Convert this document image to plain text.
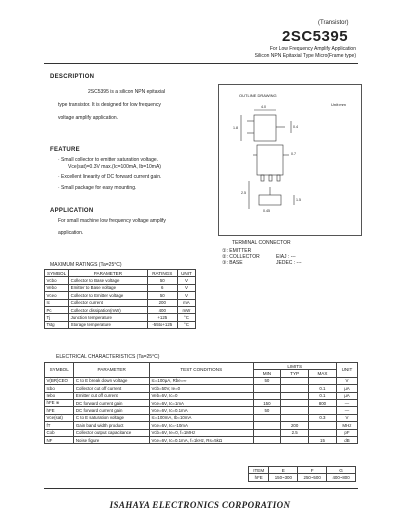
(Transistor)
2SC5395
For Low Frequency Amplify Application
Silicon NPN Epitaxial Type Micro(Frame type)
DESCRIPTION
2SC5395 is a silicon NPN epitaxial
type transistor. It is designed for low frequency
voltage amplify application.
FEATURE
· Small collector to emitter saturation voltage.
Vce(sat)=0.3V max.(Ic=100mA, Ib=10mA)
· Excellent linearity of DC forward current gain.
· Small package for easy mounting.
APPLICATION
For small machine low frequency voltage amplify
application.
OUTLINE DRAWING
Unit:mm
4.0
1.8	0.4
2.5
1.5
0.45
0.7
TERMINAL CONNECTOR
①: EMITTER
②: COLLECTOR
③: BASE
EIAJ : ---
JEDEC : ---
MAXIMUM RATINGS (Ta=25°C)
SYMBOL	PARAMETER	RATINGS	UNIT
Vcbo	Collector to Base voltage	50	V
Vebo	Emitter to Base voltage	6	V
Vceo	Collector to Emitter voltage	50	V
Ic	Collector current	200	mA
Pc	Collector dissipation(mW)	400	mW
Tj	Junction temperature	+125	°C
Tstg	Storage temperature	-55to+125	°C
ELECTRICAL CHARACTERISTICS (Ta=25°C)
SYMBOL	PARAMETER	TEST CONDITIONS	LIMITS			UNIT
			MIN	TYP	MAX	
V(BR)CEO	C to E break down voltage	Ic=100μA, Rbe=∞	50			V
Icbo	Collector cut off current	Vcb=50V, Ie=0			0.1	μA
Iebo	Emitter cut off current	Veb=6V, Ic=0			0.1	μA
hFE ※	DC forward current gain	Vce=6V, Ic=1mA	150		800	—
hFE	DC forward current gain	Vce=6V, Ic=0.1mA	50			—
Vce(sat)	C to E saturation voltage	Ic=100mA, Ib=10mA			0.3	V
fT	Gain band width product	Vce=6V, Ic=-10mA		200		MHz
Cob	Collector output capacitance	Vcb=6V, Ie=0, f=1MHz		2.5		pF
NF	Noise figure	Vce=6V, Ic=0.1mA, f=1kHz, Rs=5kΩ			15	dB
ITEM	E	F	G
hFE	150~300	250~500	400~800
ISAHAYA ELECTRONICS CORPORATION
